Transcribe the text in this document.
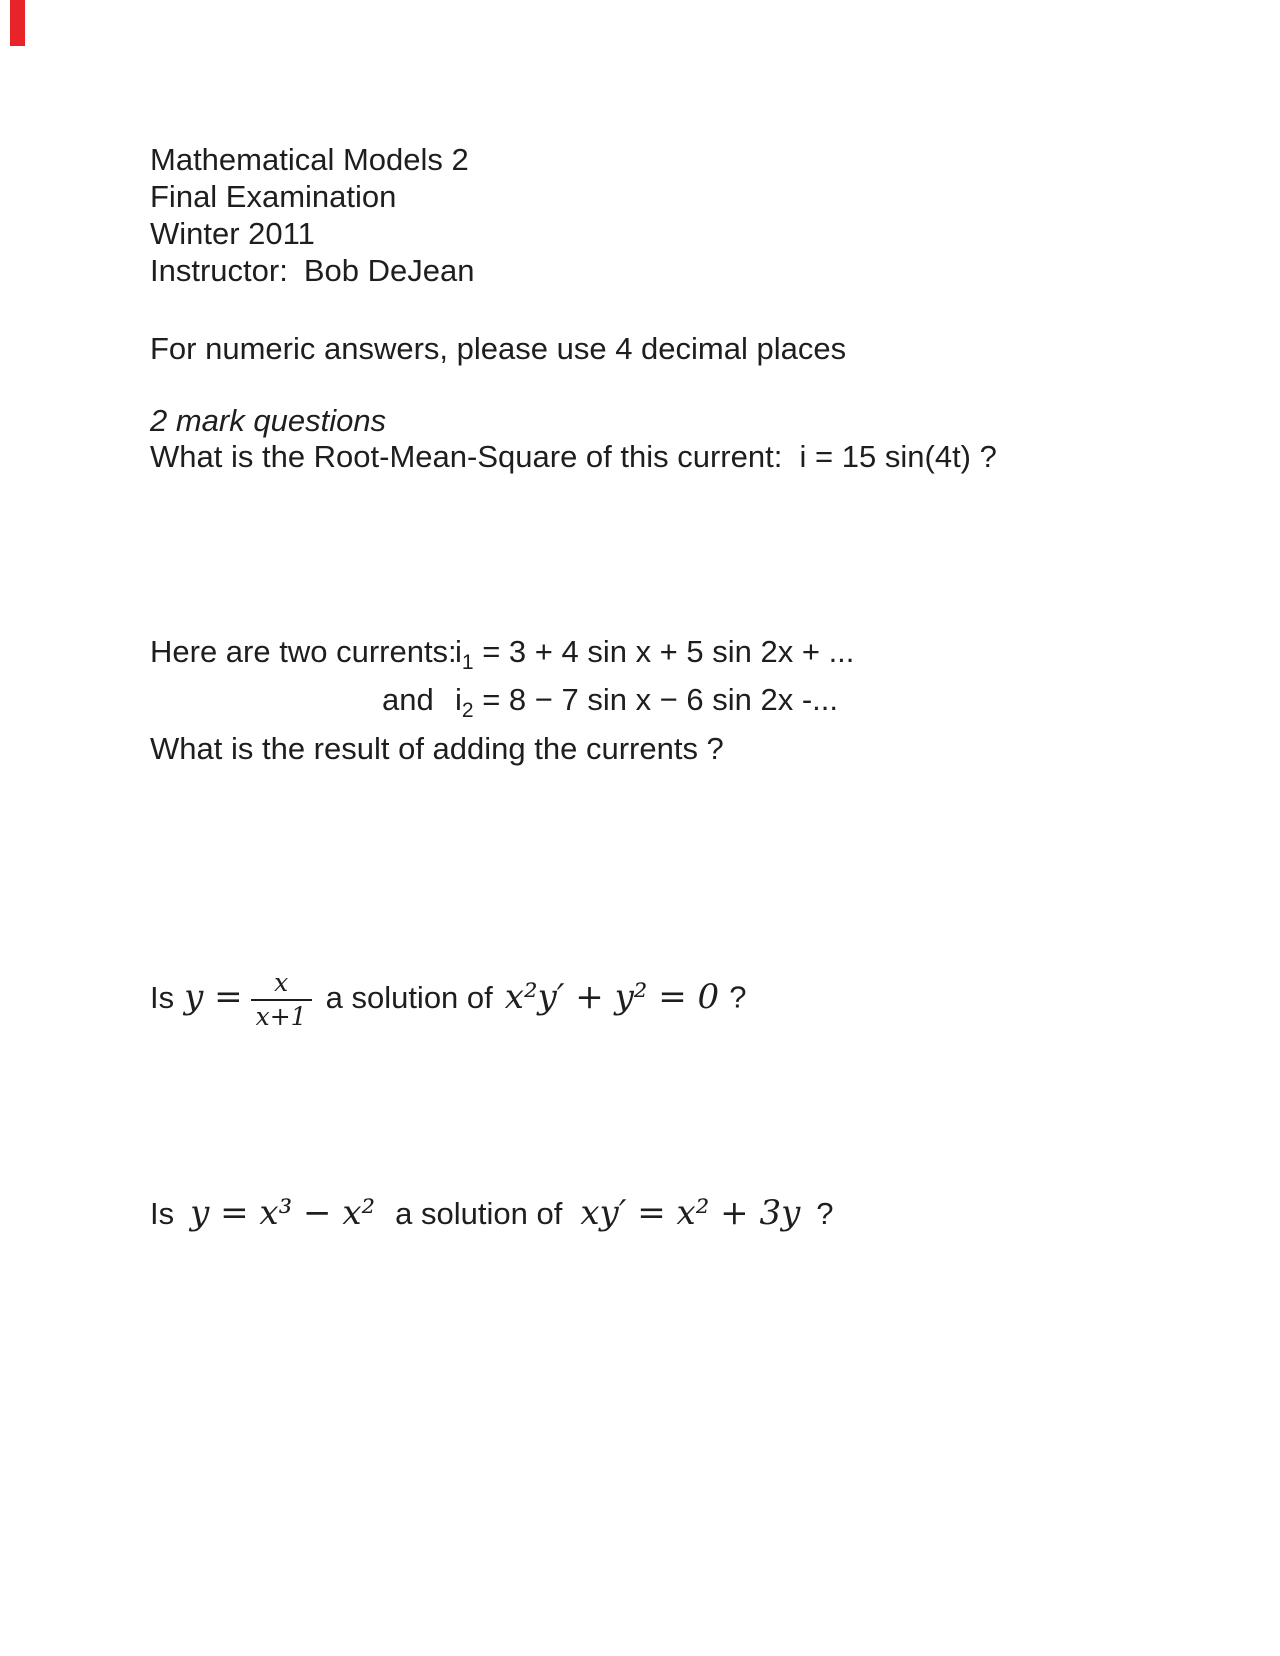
Mathematical Models 2
Final Examination
Winter 2011
Instructor: Bob DeJean
For numeric answers, please use 4 decimal places
2 mark questions
What is the Root-Mean-Square of this current:  i = 15 sin(4t) ?
Here are two currents:
$i_1 = 3 + 4$ sin x + 5 sin 2x + ...
and $i_2 = 8 - 7$ sin x − 6 sin 2x -...
What is the result of adding the currents ?
Is $y = \frac{x}{x+1}$ a solution of x²y′ + y² = 0 ?
Is y = x³ − x² a solution of xy′ = x² + 3y ?
